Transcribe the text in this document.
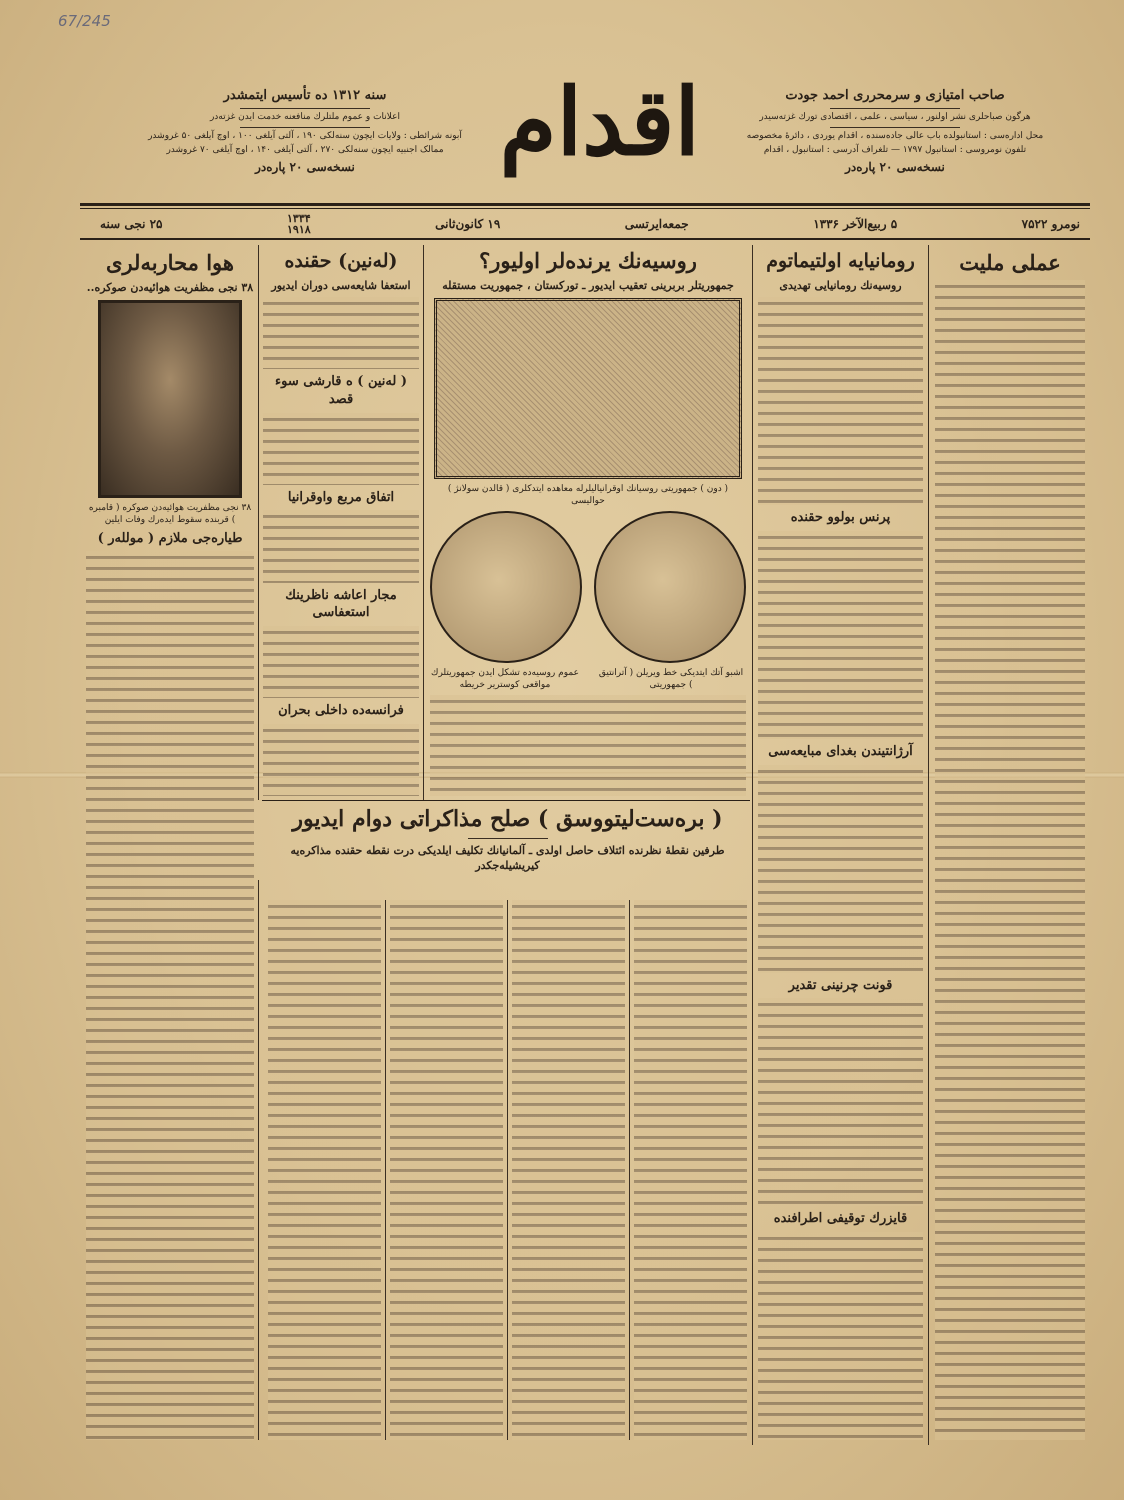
67/245
سنه ۱۳۱۲ ده تأسیس ایتمشدر
اعلانات و عموم ملتلرك منافعنه خدمت ایدن غزته‌در
آبونه شرائطی : ولایات ایچون سنه‌لکی ۱۹۰ ، آلتی آیلغی ۱۰۰ ، اوچ آیلغی ۵۰ غروشدر
ممالک اجنبیه ایچون سنه‌لکی ۲۷۰ ، آلتی آیلغی ۱۴۰ ، اوچ آیلغی ۷۰ غروشدر
نسخه‌سی ۲۰ پاره‌در	اقدام	صاحب امتیازی و سرمحرری احمد جودت
هرگون صباحلری نشر اولنور ، سیاسی ، علمی ، اقتصادی تورك غزته‌سیدر
محل اداره‌سی : استانبولده باب عالی جاده‌سنده ، اقدام یوردی ، دائرهٔ مخصوصه
تلفون نومروسی : استانبول ۱۷۹۷ — تلغراف آدرسی : استانبول ، اقدام
نسخه‌سی ۲۰ پاره‌در
نومرو ۷۵۲۲
۵ ربیع‌الآخر ۱۳۳۶
جمعه‌ایرتسی
۱۹ کانون‌ثانی
۱۳۳۴
۱۹۱۸
۲۵ نجی سنه
عملی ملیت
رومانیایه اولتیماتوم
روسیه‌نك رومانیایی تهدیدی
پرنس بولوو حقنده
آرژانتیندن بغدای مبایعه‌سی
قونت چرنینی تقدیر
قایزرك توقیفی اطرافنده
روسیه‌نك یرنده‌لر اولیور؟
جمهوریتلر بربرینی تعقیب ایدیور ـ تورکستان ، جمهوریت مستقله
( دون ) جمهوریتی روسیانك اوقرانیالیلرله معاهده ایتدکلری ( قالدن سولانژ ) حوالیسی
عموم روسیه‌ده تشکل ایدن جمهوریتلرك مواقعی کوستریر خریطه
اشبو آتك ایتدیکی خط ویریلن ( آترانتیق ) جمهوریتی
(له‌نین) حقنده
استعفا شایعه‌سی دوران ایدیور
( له‌نین ) ه قارشی سوء قصد
اتفاق مربع واوقرانیا
مجار اعاشه ناظرینك استعفاسی
فرانسه‌ده داخلی بحران
هوا محاربه‌لری
۳۸ نجی مظفریت هوائیه‌دن صوکره..
۳۸ نجی مظفریت هوائیه‌دن صوکره ( قامبره ) قربنده سقوط ایده‌رك وفات ایلین
طیاره‌جی ملازم ( مولله‌ر )
( بره‌ست‌لیتووسق ) صلح مذاکراتی دوام ایدیور
طرفین نقطهٔ نظرنده ائتلاف حاصل اولدی ـ آلمانیانك تکلیف ایلدیکی درت نقطه حقنده مذاکره‌یه کیریشیله‌جکدر
